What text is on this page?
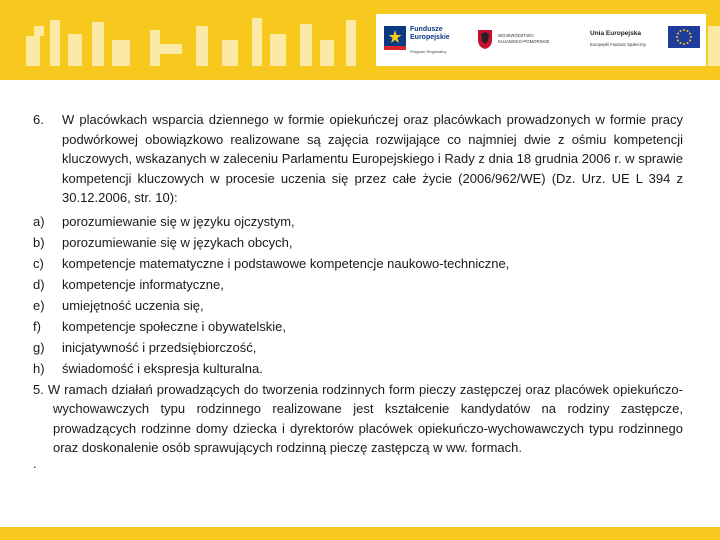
Fundusze
Europejskie
Program Regionalny
WOJEWÓDZTWO
KUJAWSKO-POMORSKIE
Unia Europejska
Europejski Fundusz Społeczny
6. W placówkach wsparcia dziennego w formie opiekuńczej oraz placówkach prowadzonych w formie pracy podwórkowej obowiązkowo realizowane są zajęcia rozwijające co najmniej dwie z ośmiu kompetencji kluczowych, wskazanych w zaleceniu Parlamentu Europejskiego i Rady z dnia 18 grudnia 2006 r. w sprawie kompetencji kluczowych w procesie uczenia się przez całe życie (2006/962/WE) (Dz. Urz. UE L 394 z 30.12.2006, str. 10):
a) porozumiewanie się w języku ojczystym,
b) porozumiewanie się w językach obcych,
c) kompetencje matematyczne i podstawowe kompetencje naukowo-techniczne,
d) kompetencje informatyczne,
e) umiejętność uczenia się,
f) kompetencje społeczne i obywatelskie,
g) inicjatywność i przedsiębiorczość,
h) świadomość i ekspresja kulturalna.
5. W ramach działań prowadzących do tworzenia rodzinnych form pieczy zastępczej oraz placówek opiekuńczo-wychowawczych typu rodzinnego realizowane jest kształcenie kandydatów na rodziny zastępcze, prowadzących rodzinne domy dziecka i dyrektorów placówek opiekuńczo-wychowawczych typu rodzinnego oraz doskonalenie osób sprawujących rodzinną pieczę zastępczą w ww. formach.
.
